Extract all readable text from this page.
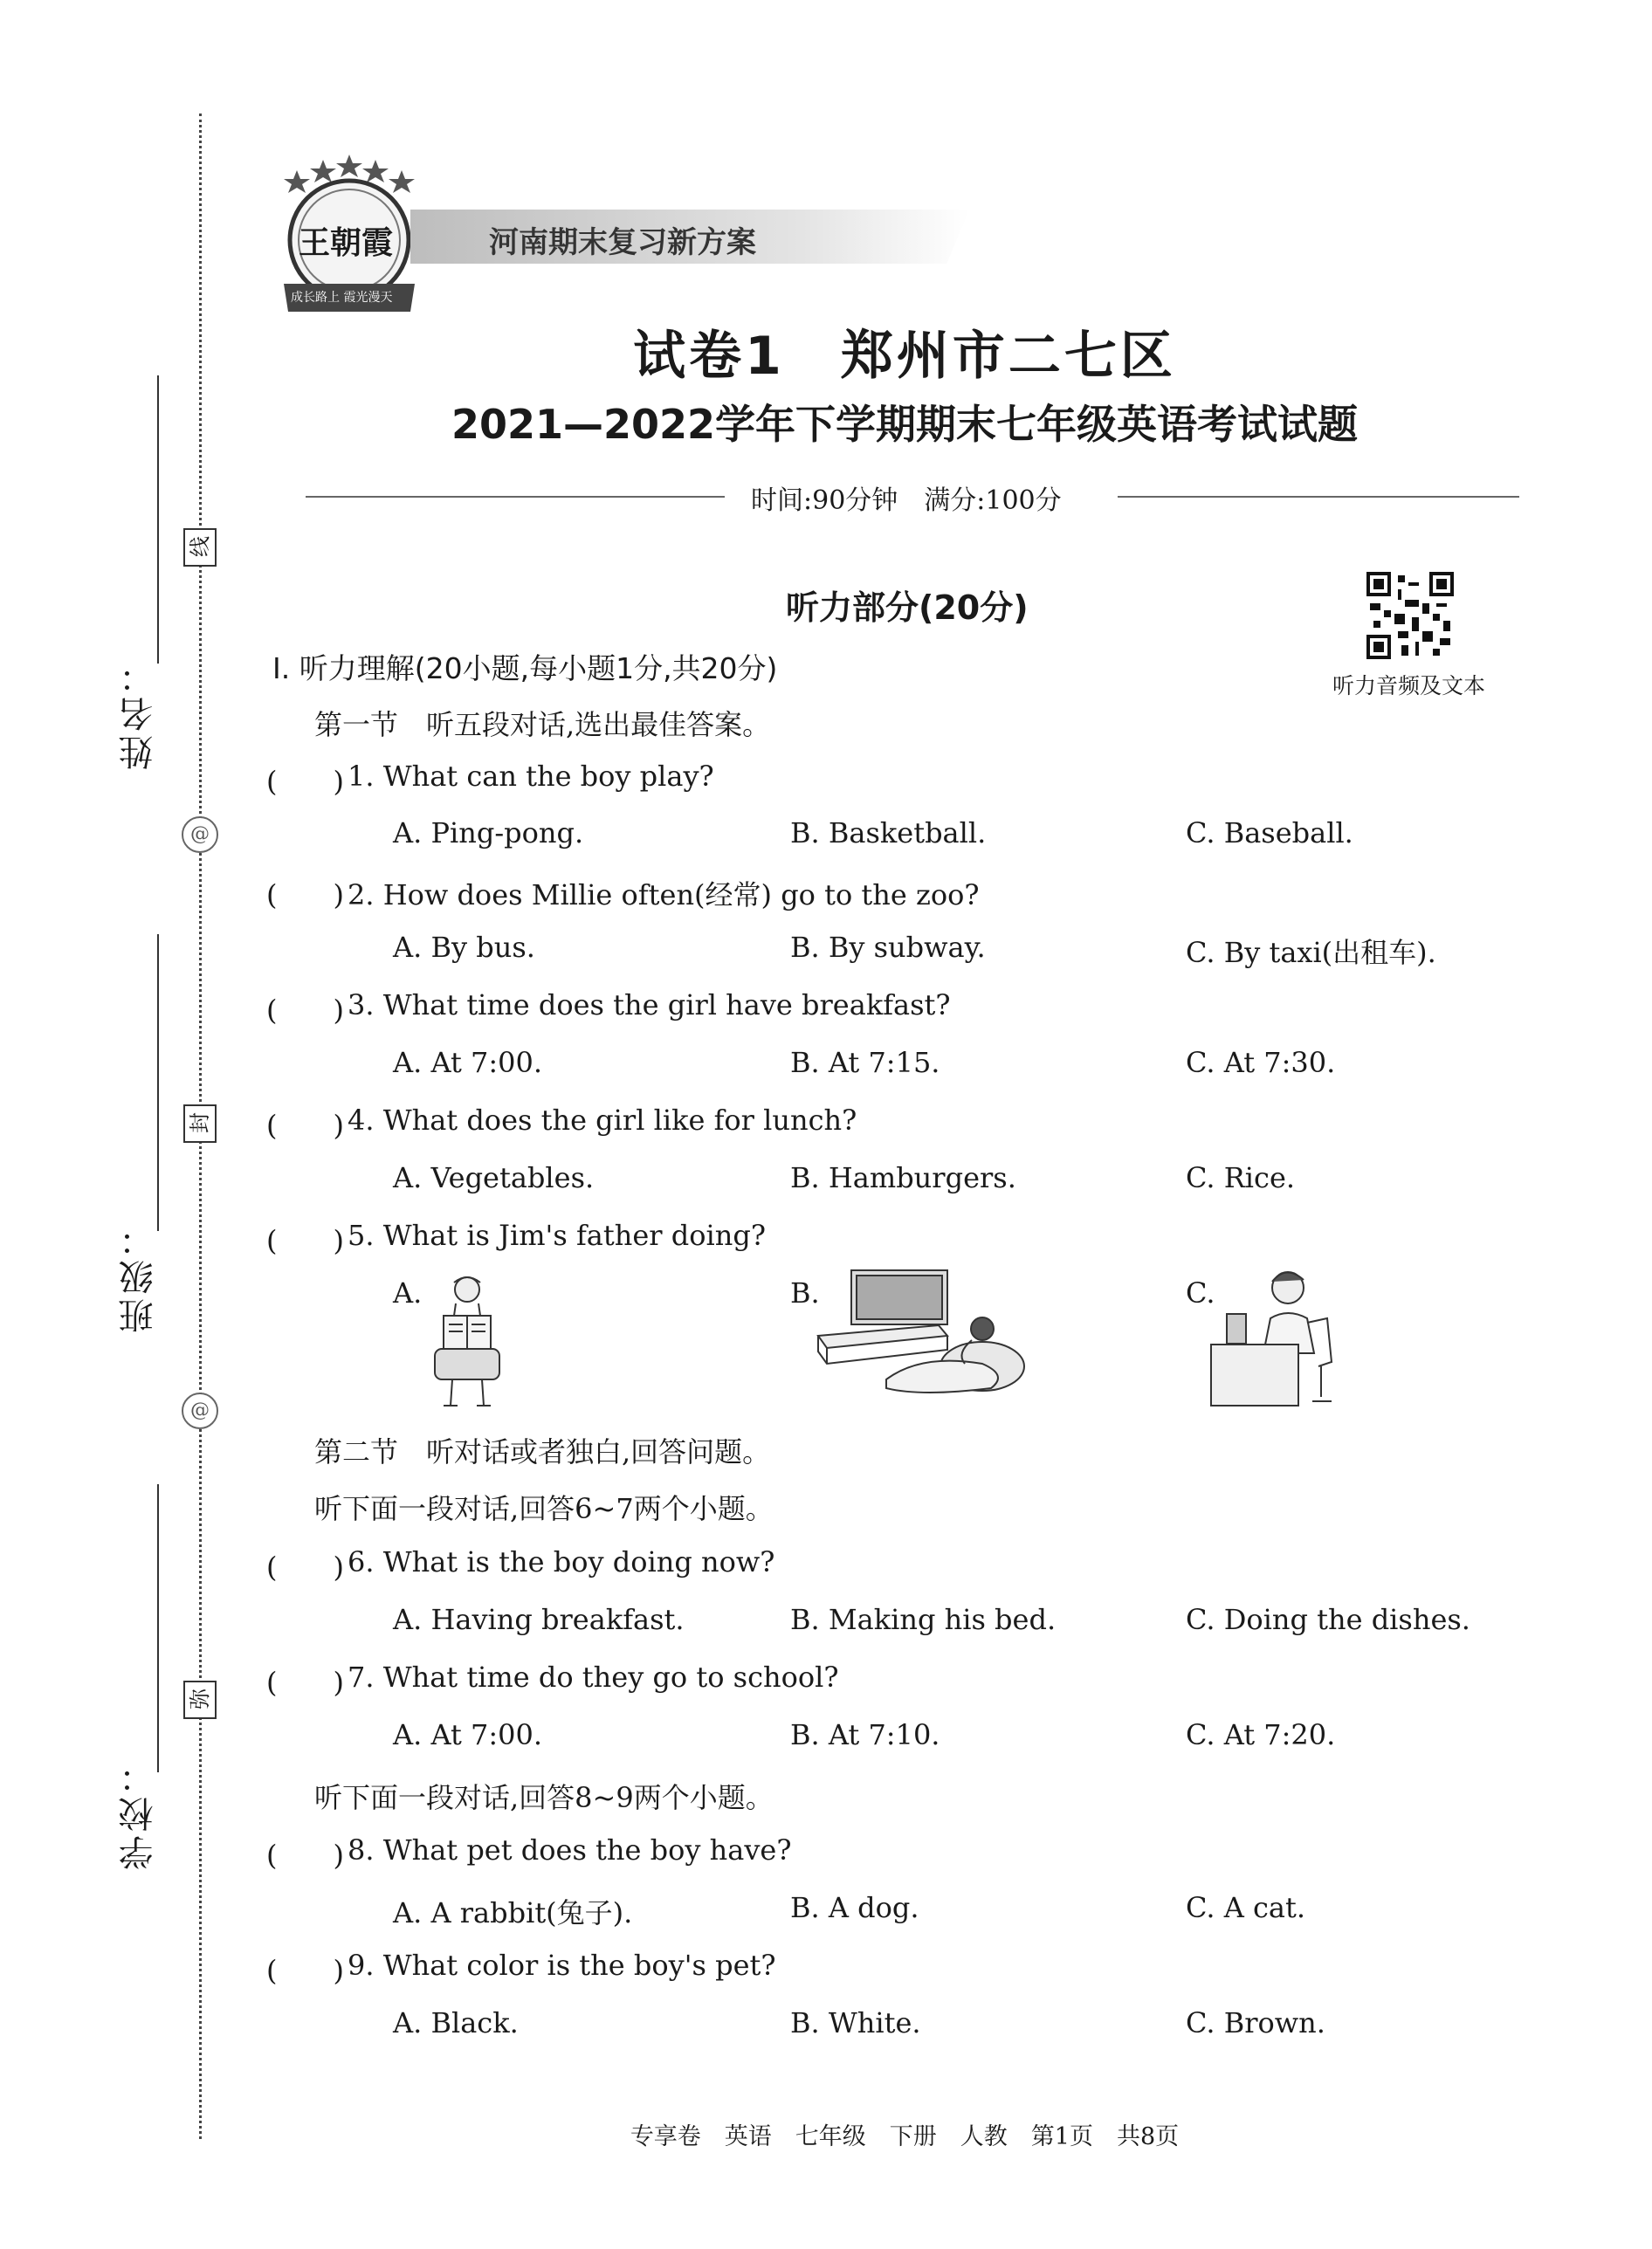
姓名：
班级：
学校：
线
封
弥
@
@
王朝霞
成长路上 霞光漫天
河南期末复习新方案
试卷1　郑州市二七区
2021—2022学年下学期期末七年级英语考试试题
时间:90分钟　满分:100分
听力部分(20分)
听力音频及文本
Ⅰ. 听力理解(20小题,每小题1分,共20分)
第一节　听五段对话,选出最佳答案。
(　　) 1. What can the boy play?
A. Ping-pong.	B. Basketball.	C. Baseball.
(　　) 2. How does Millie often(经常) go to the zoo?
A. By bus.	B. By subway.	C. By taxi(出租车).
(　　) 3. What time does the girl have breakfast?
A. At 7:00.	B. At 7:15.	C. At 7:30.
(　　) 4. What does the girl like for lunch?
A. Vegetables.	B. Hamburgers.	C. Rice.
(　　) 5. What is Jim's father doing?
A.	B.	C.
第二节　听对话或者独白,回答问题。
听下面一段对话,回答6~7两个小题。
(　　) 6. What is the boy doing now?
A. Having breakfast.	B. Making his bed.	C. Doing the dishes.
(　　) 7. What time do they go to school?
A. At 7:00.	B. At 7:10.	C. At 7:20.
听下面一段对话,回答8~9两个小题。
(　　) 8. What pet does the boy have?
A. A rabbit(兔子).	B. A dog.	C. A cat.
(　　) 9. What color is the boy's pet?
A. Black.	B. White.	C. Brown.
专享卷　英语　七年级　下册　人教　第1页　共8页
